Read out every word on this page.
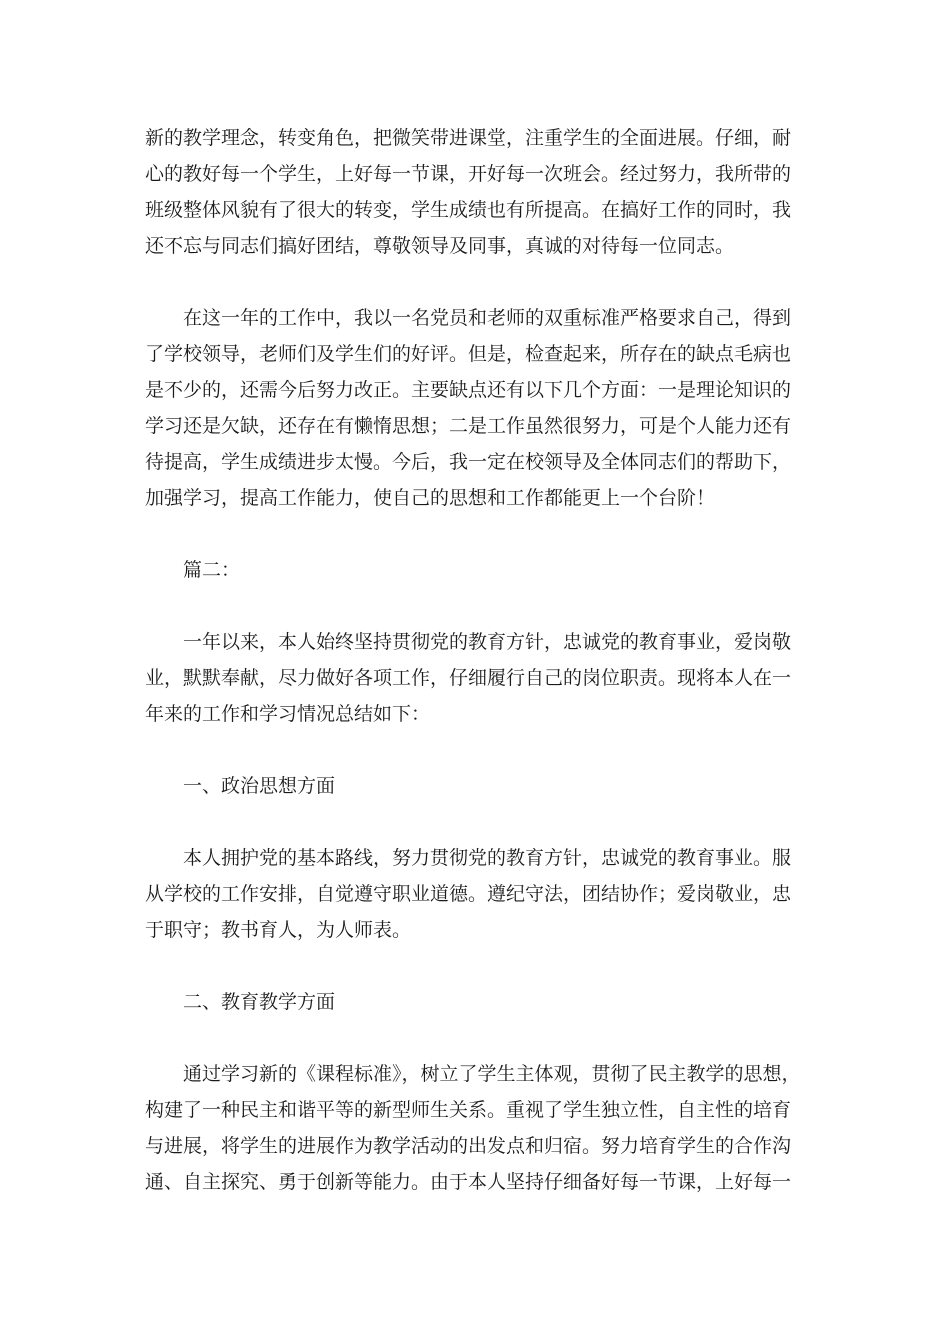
新的教学理念，转变角色，把微笑带进课堂，注重学生的全面进展。仔细，耐
心的教好每一个学生，上好每一节课，开好每一次班会。经过努力，我所带的
班级整体风貌有了很大的转变，学生成绩也有所提高。在搞好工作的同时，我
还不忘与同志们搞好团结，尊敬领导及同事，真诚的对待每一位同志。

在这一年的工作中，我以一名党员和老师的双重标准严格要求自己，得到
了学校领导，老师们及学生们的好评。但是，检查起来，所存在的缺点毛病也
是不少的，还需今后努力改正。主要缺点还有以下几个方面：一是理论知识的
学习还是欠缺，还存在有懒惰思想；二是工作虽然很努力，可是个人能力还有
待提高，学生成绩进步太慢。今后，我一定在校领导及全体同志们的帮助下，
加强学习，提高工作能力，使自己的思想和工作都能更上一个台阶！

篇二：

一年以来，本人始终坚持贯彻党的教育方针，忠诚党的教育事业，爱岗敬
业，默默奉献，尽力做好各项工作，仔细履行自己的岗位职责。现将本人在一
年来的工作和学习情况总结如下：

一、政治思想方面

本人拥护党的基本路线，努力贯彻党的教育方针，忠诚党的教育事业。服
从学校的工作安排，自觉遵守职业道德。遵纪守法，团结协作；爱岗敬业，忠
于职守；教书育人，为人师表。

二、教育教学方面

通过学习新的《课程标准》，树立了学生主体观，贯彻了民主教学的思想，
构建了一种民主和谐平等的新型师生关系。重视了学生独立性，自主性的培育
与进展，将学生的进展作为教学活动的出发点和归宿。努力培育学生的合作沟
通、自主探究、勇于创新等能力。由于本人坚持仔细备好每一节课，上好每一
